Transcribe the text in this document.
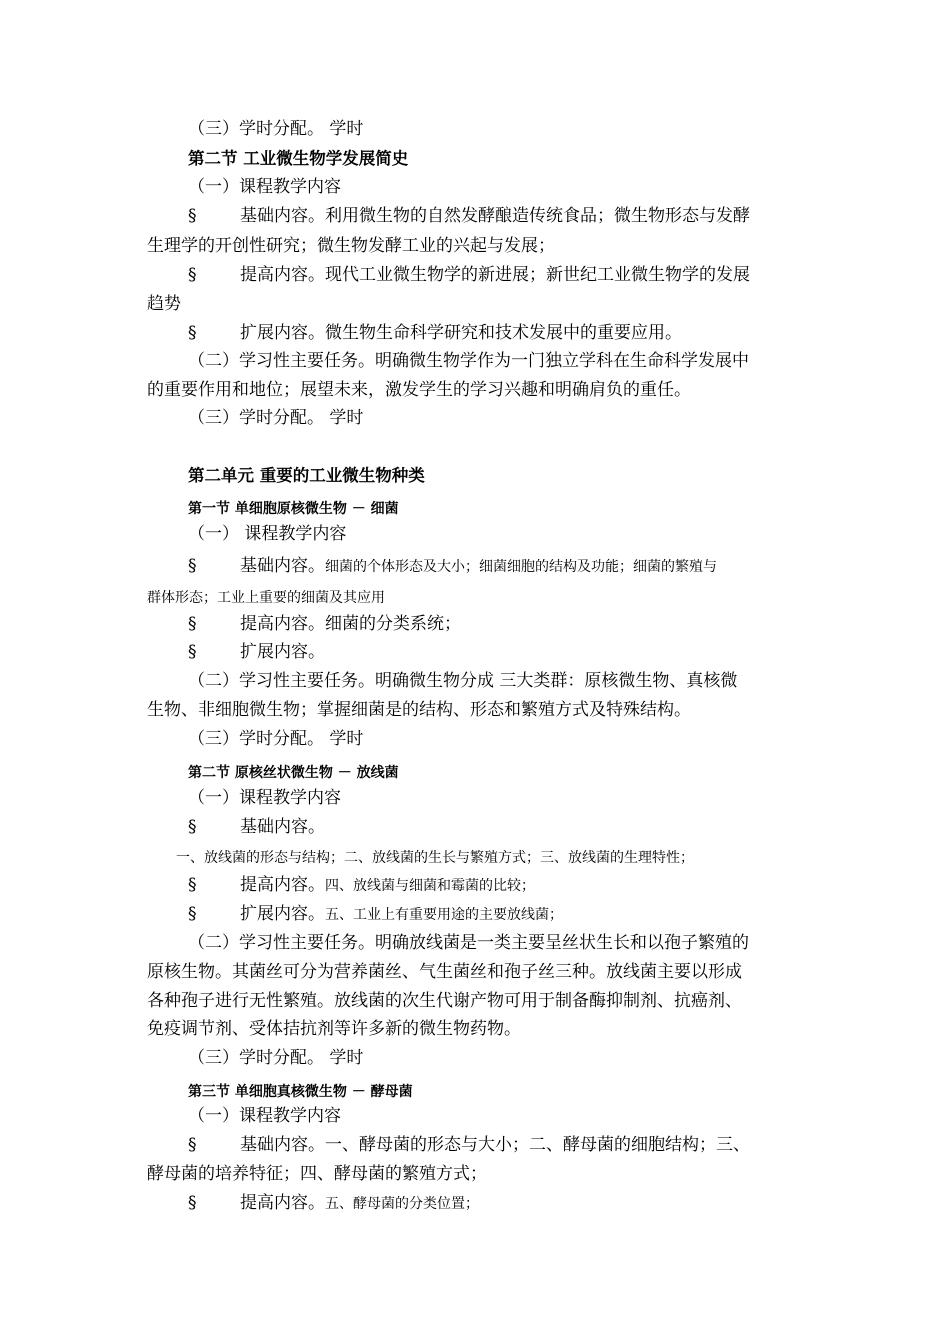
（三）学时分配。 学时
第二节 工业微生物学发展简史
（一）课程教学内容
§	基础内容。利用微生物的自然发酵酿造传统食品；微生物形态与发酵
生理学的开创性研究；微生物发酵工业的兴起与发展；
§	提高内容。现代工业微生物学的新进展；新世纪工业微生物学的发展
趋势
§	扩展内容。微生物生命科学研究和技术发展中的重要应用。
（二）学习性主要任务。明确微生物学作为一门独立学科在生命科学发展中
的重要作用和地位；展望未来，激发学生的学习兴趣和明确肩负的重任。
（三）学时分配。 学时
第二单元 重要的工业微生物种类
第一节 单细胞原核微生物 － 细菌
（一） 课程教学内容
§	基础内容。细菌的个体形态及大小；细菌细胞的结构及功能；细菌的繁殖与
群体形态；工业上重要的细菌及其应用
§	提高内容。细菌的分类系统；
§	扩展内容。
（二）学习性主要任务。明确微生物分成 三大类群：原核微生物、真核微
生物、非细胞微生物；掌握细菌是的结构、形态和繁殖方式及特殊结构。
（三）学时分配。 学时
第二节 原核丝状微生物 － 放线菌
（一）课程教学内容
§	基础内容。
一、放线菌的形态与结构；二、放线菌的生长与繁殖方式；三、放线菌的生理特性；
§	提高内容。四、放线菌与细菌和霉菌的比较；
§	扩展内容。五、工业上有重要用途的主要放线菌；
（二）学习性主要任务。明确放线菌是一类主要呈丝状生长和以孢子繁殖的
原核生物。其菌丝可分为营养菌丝、气生菌丝和孢子丝三种。放线菌主要以形成
各种孢子进行无性繁殖。放线菌的次生代谢产物可用于制备酶抑制剂、抗癌剂、
免疫调节剂、受体拮抗剂等许多新的微生物药物。
（三）学时分配。 学时
第三节 单细胞真核微生物 － 酵母菌
（一）课程教学内容
§	基础内容。一、酵母菌的形态与大小；二、酵母菌的细胞结构；三、
酵母菌的培养特征；四、酵母菌的繁殖方式；
§	提高内容。五、酵母菌的分类位置；
